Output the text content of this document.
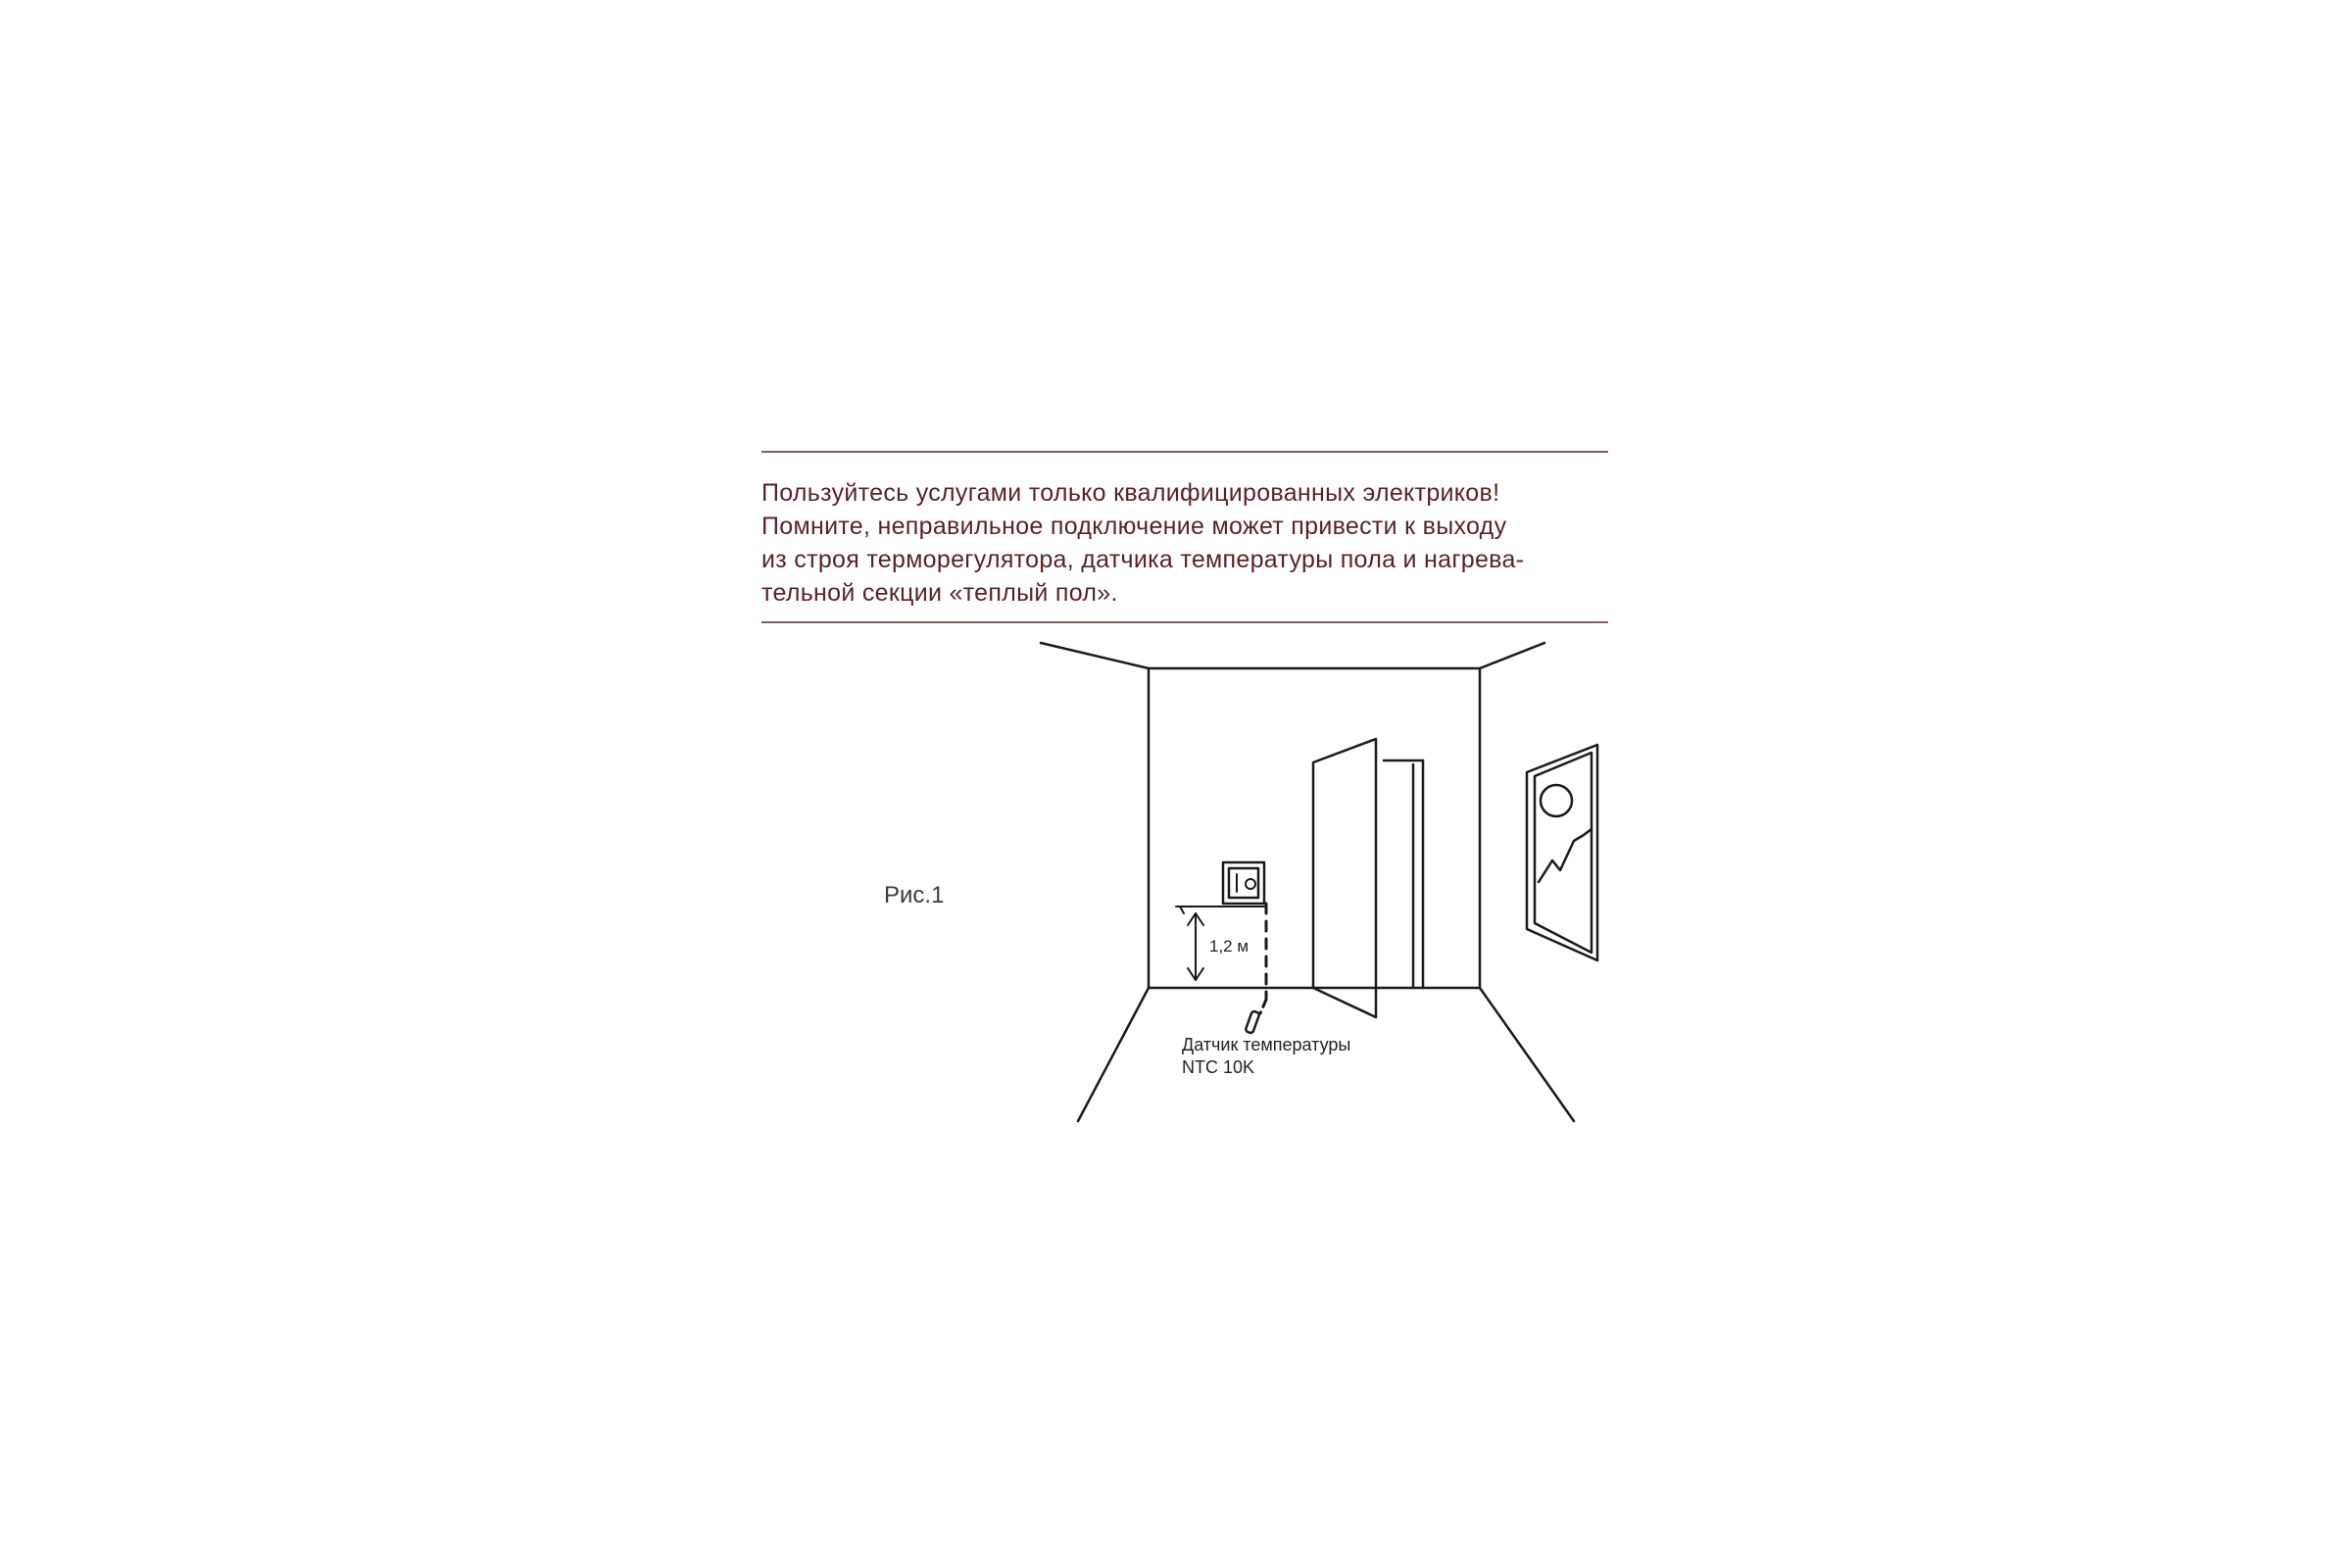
Пользуйтесь услугами только квалифицированных электриков!
Помните, неправильное подключение может привести к выходу
из строя терморегулятора, датчика температуры пола и нагрева-
тельной секции «теплый пол».

Рис.1
1,2 м
Датчик температуры
NTC 10K
